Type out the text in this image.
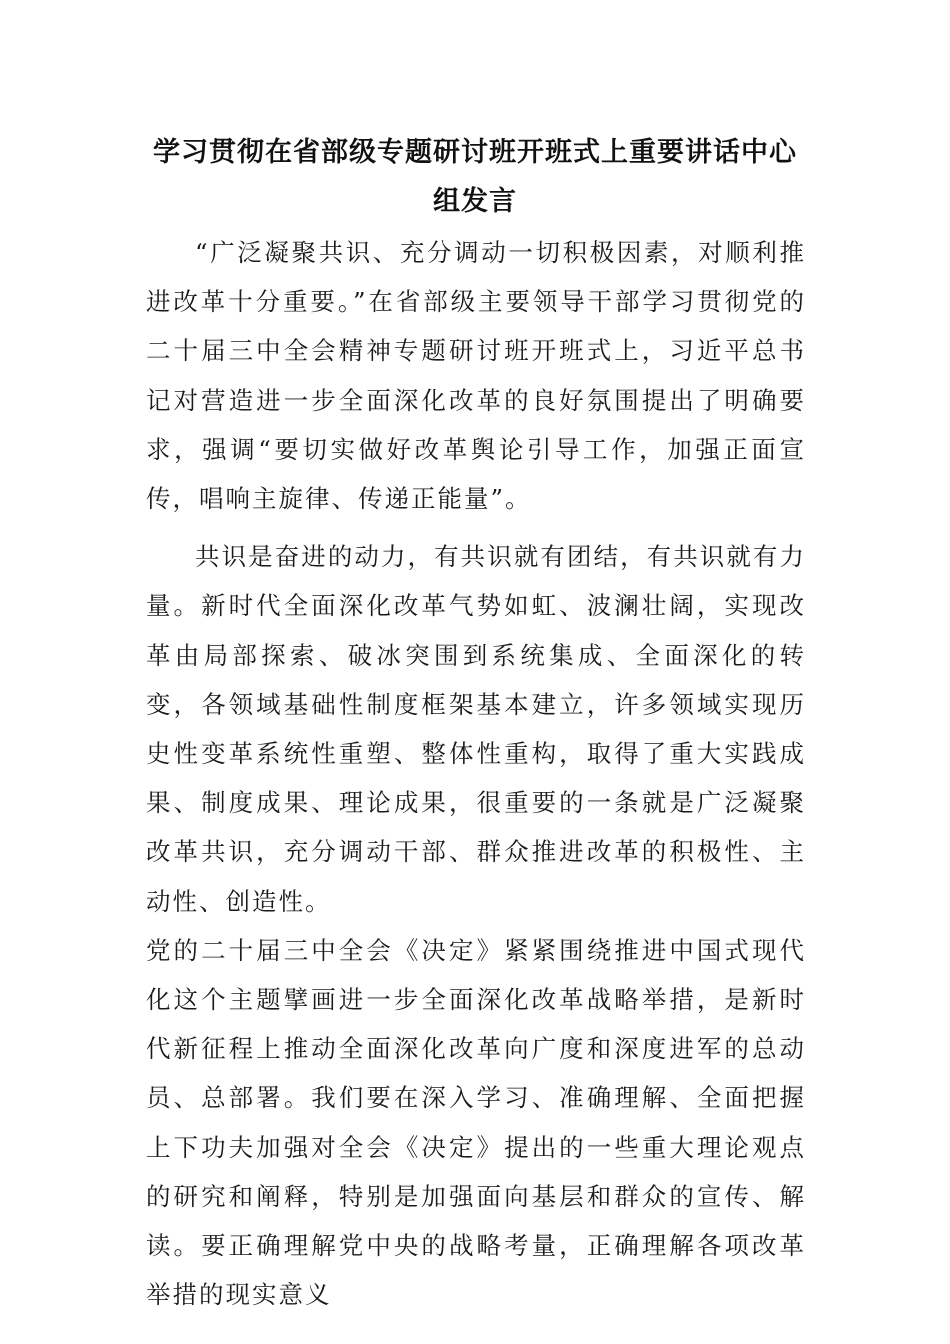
学习贯彻在省部级专题研讨班开班式上重要讲话中心组发言

“广泛凝聚共识、充分调动一切积极因素，对顺利推进改革十分重要。”在省部级主要领导干部学习贯彻党的二十届三中全会精神专题研讨班开班式上，习近平总书记对营造进一步全面深化改革的良好氛围提出了明确要求，强调“要切实做好改革舆论引导工作，加强正面宣传，唱响主旋律、传递正能量”。

共识是奋进的动力，有共识就有团结，有共识就有力量。新时代全面深化改革气势如虹、波澜壮阔，实现改革由局部探索、破冰突围到系统集成、全面深化的转变，各领域基础性制度框架基本建立，许多领域实现历史性变革系统性重塑、整体性重构，取得了重大实践成果、制度成果、理论成果，很重要的一条就是广泛凝聚改革共识，充分调动干部、群众推进改革的积极性、主动性、创造性。

党的二十届三中全会《决定》紧紧围绕推进中国式现代化这个主题擘画进一步全面深化改革战略举措，是新时代新征程上推动全面深化改革向广度和深度进军的总动员、总部署。我们要在深入学习、准确理解、全面把握上下功夫加强对全会《决定》提出的一些重大理论观点的研究和阐释，特别是加强面向基层和群众的宣传、解读。要正确理解党中央的战略考量，正确理解各项改革举措的现实意义
